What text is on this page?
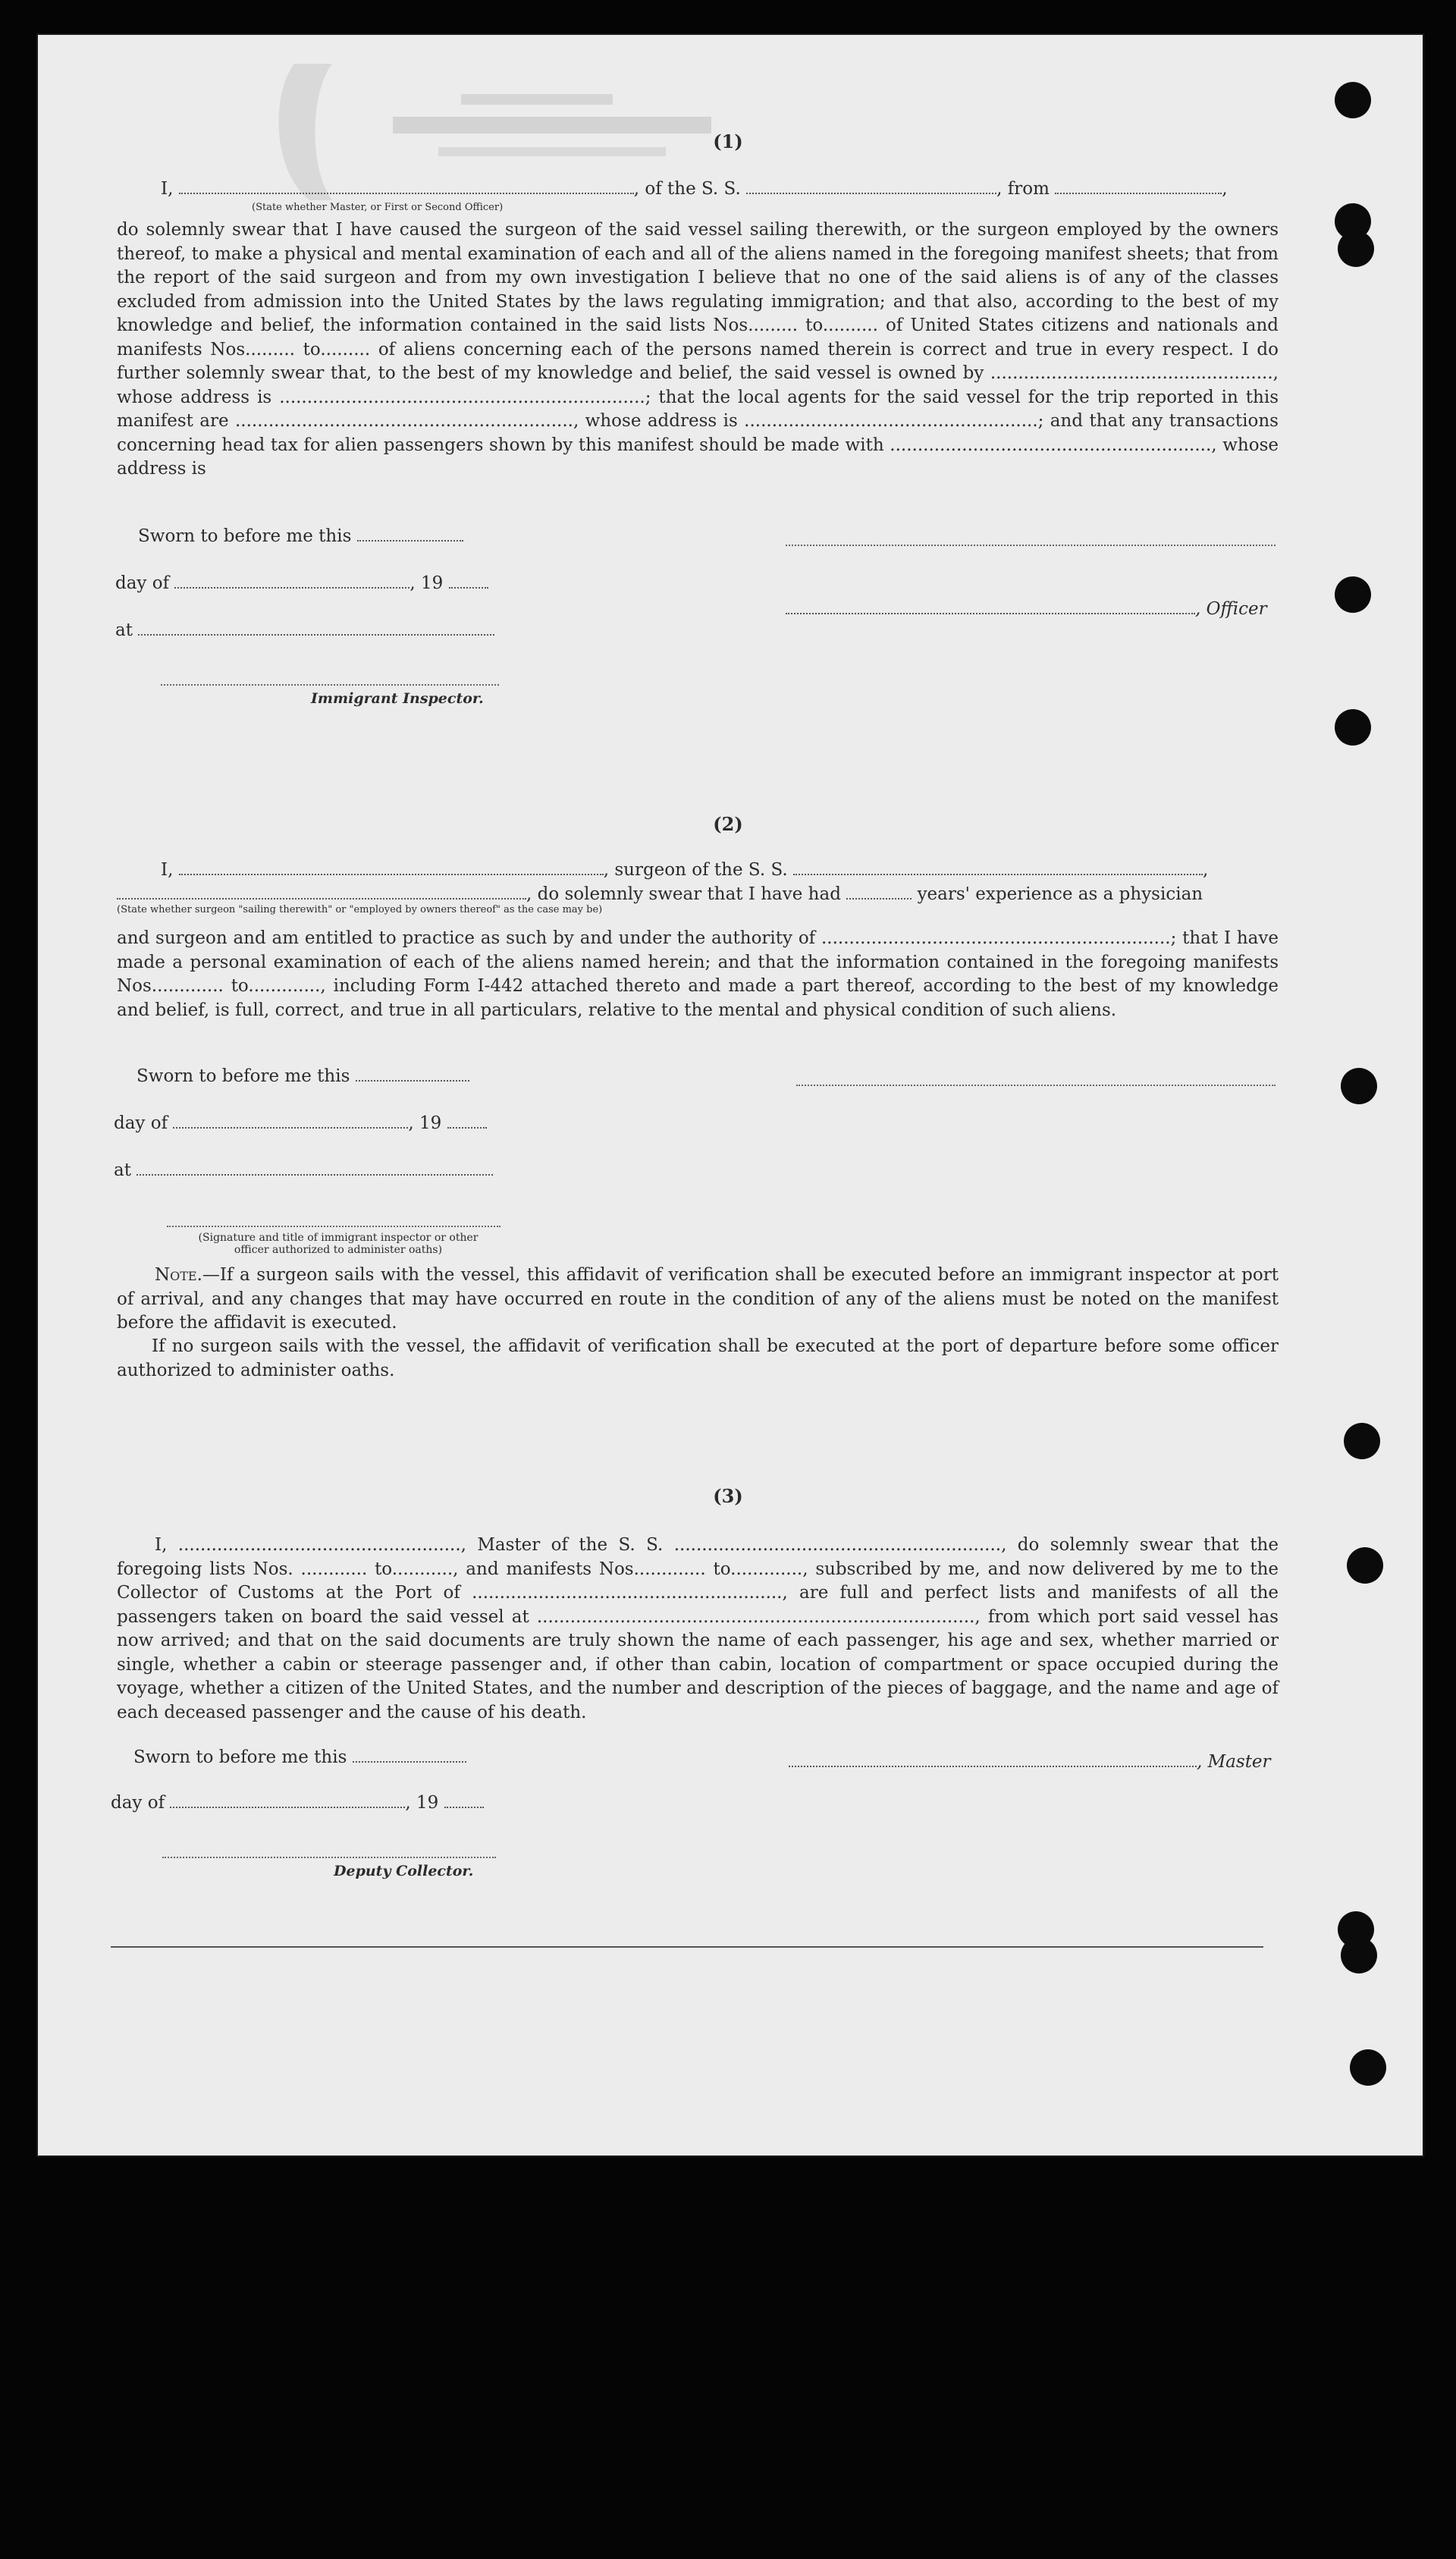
(1)
I,	, of the S. S.	, from	,
(State whether Master, or First or Second Officer)
do solemnly swear that I have caused the surgeon of the said vessel sailing therewith, or the surgeon employed by the owners thereof, to make a physical and mental examination of each and all of the aliens named in the foregoing manifest sheets; that from the report of the said surgeon and from my own investigation I believe that no one of the said aliens is of any of the classes excluded from admission into the United States by the laws regulating immigration; and that also, according to the best of my knowledge and belief, the information contained in the said lists Nos......... to.......... of United States citizens and nationals and manifests Nos......... to......... of aliens concerning each of the persons named therein is correct and true in every respect. I do further solemnly swear that, to the best of my knowledge and belief, the said vessel is owned by ..................................................., whose address is ..................................................................; that the local agents for the said vessel for the trip reported in this manifest are ............................................................., whose address is .....................................................; and that any transactions concerning head tax for alien passengers shown by this manifest should be made with .........................................................., whose address is
Sworn to before me this
day of	, 19
, Officer
at
Immigrant Inspector.
(2)
I,	, surgeon of the S. S.	,
, do solemnly swear that I have had	years' experience as a physician
(State whether surgeon "sailing therewith" or "employed by owners thereof" as the case may be)
and surgeon and am entitled to practice as such by and under the authority of ...............................................................; that I have made a personal examination of each of the aliens named herein; and that the information contained in the foregoing manifests Nos............. to............., including Form I-442 attached thereto and made a part thereof, according to the best of my knowledge and belief, is full, correct, and true in all particulars, relative to the mental and physical condition of such aliens.
Sworn to before me this
day of	, 19
at
(Signature and title of immigrant inspector or other officer authorized to administer oaths)
Note.—If a surgeon sails with the vessel, this affidavit of verification shall be executed before an immigrant inspector at port of arrival, and any changes that may have occurred en route in the condition of any of the aliens must be noted on the manifest before the affidavit is executed.
If no surgeon sails with the vessel, the affidavit of verification shall be executed at the port of departure before some officer authorized to administer oaths.
(3)
I, ..................................................., Master of the S. S. ..........................................................., do solemnly swear that the foregoing lists Nos. ............ to..........., and manifests Nos............. to............., subscribed by me, and now delivered by me to the Collector of Customs at the Port of ........................................................, are full and perfect lists and manifests of all the passengers taken on board the said vessel at ..............................................................................., from which port said vessel has now arrived; and that on the said documents are truly shown the name of each passenger, his age and sex, whether married or single, whether a cabin or steerage passenger and, if other than cabin, location of compartment or space occupied during the voyage, whether a citizen of the United States, and the number and description of the pieces of baggage, and the name and age of each deceased passenger and the cause of his death.
Sworn to before me this	, Master
day of	, 19
Deputy Collector.
